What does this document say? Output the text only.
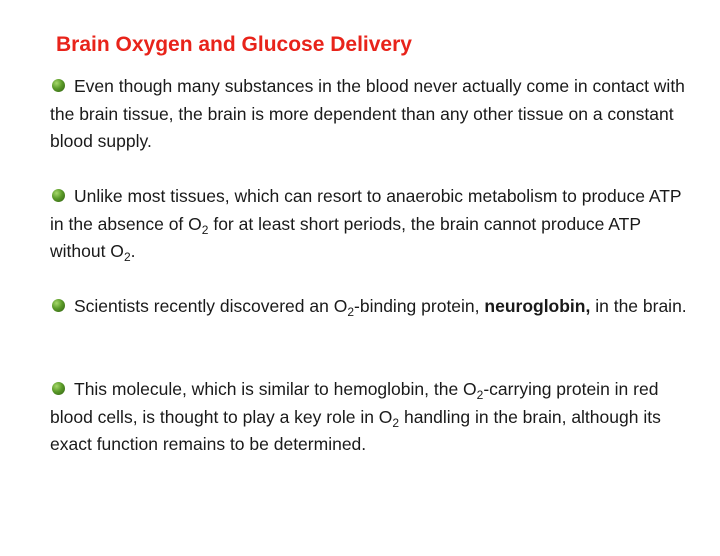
Brain Oxygen and Glucose Delivery

Even though many substances in the blood never actually come in contact with the brain tissue, the brain is more dependent than any other tissue on a constant blood supply.

Unlike most tissues, which can resort to anaerobic metabolism to produce ATP in the absence of $O_2$ for at least short periods, the brain cannot produce ATP without $O_2$.

Scientists recently discovered an $O_2$-binding protein, neuroglobin, in the brain.

This molecule, which is similar to hemoglobin, the $O_2$-carrying protein in red blood cells, is thought to play a key role in $O_2$ handling in the brain, although its exact function remains to be determined.
